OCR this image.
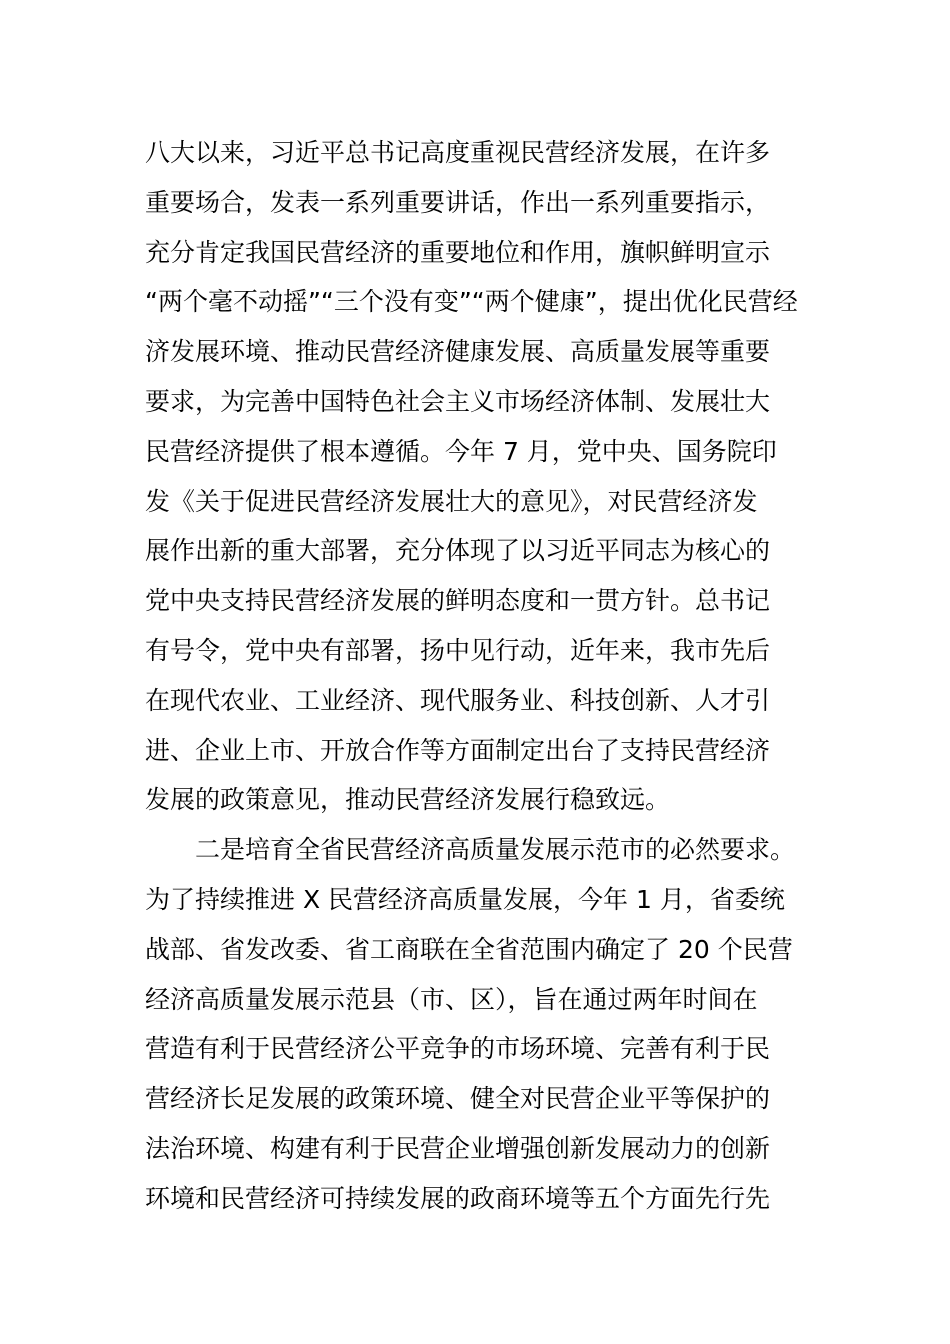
八大以来，习近平总书记高度重视民营经济发展，在许多
重要场合，发表一系列重要讲话，作出一系列重要指示，
充分肯定我国民营经济的重要地位和作用，旗帜鲜明宣示
“两个毫不动摇”“三个没有变”“两个健康”，提出优化民营经
济发展环境、推动民营经济健康发展、高质量发展等重要
要求，为完善中国特色社会主义市场经济体制、发展壮大
民营经济提供了根本遵循。今年 7 月，党中央、国务院印
发《关于促进民营经济发展壮大的意见》，对民营经济发
展作出新的重大部署，充分体现了以习近平同志为核心的
党中央支持民营经济发展的鲜明态度和一贯方针。总书记
有号令，党中央有部署，扬中见行动，近年来，我市先后
在现代农业、工业经济、现代服务业、科技创新、人才引
进、企业上市、开放合作等方面制定出台了支持民营经济
发展的政策意见，推动民营经济发展行稳致远。
二是培育全省民营经济高质量发展示范市的必然要求。
为了持续推进 X 民营经济高质量发展，今年 1 月，省委统
战部、省发改委、省工商联在全省范围内确定了 20 个民营
经济高质量发展示范县（市、区），旨在通过两年时间在
营造有利于民营经济公平竞争的市场环境、完善有利于民
营经济长足发展的政策环境、健全对民营企业平等保护的
法治环境、构建有利于民营企业增强创新发展动力的创新
环境和民营经济可持续发展的政商环境等五个方面先行先
